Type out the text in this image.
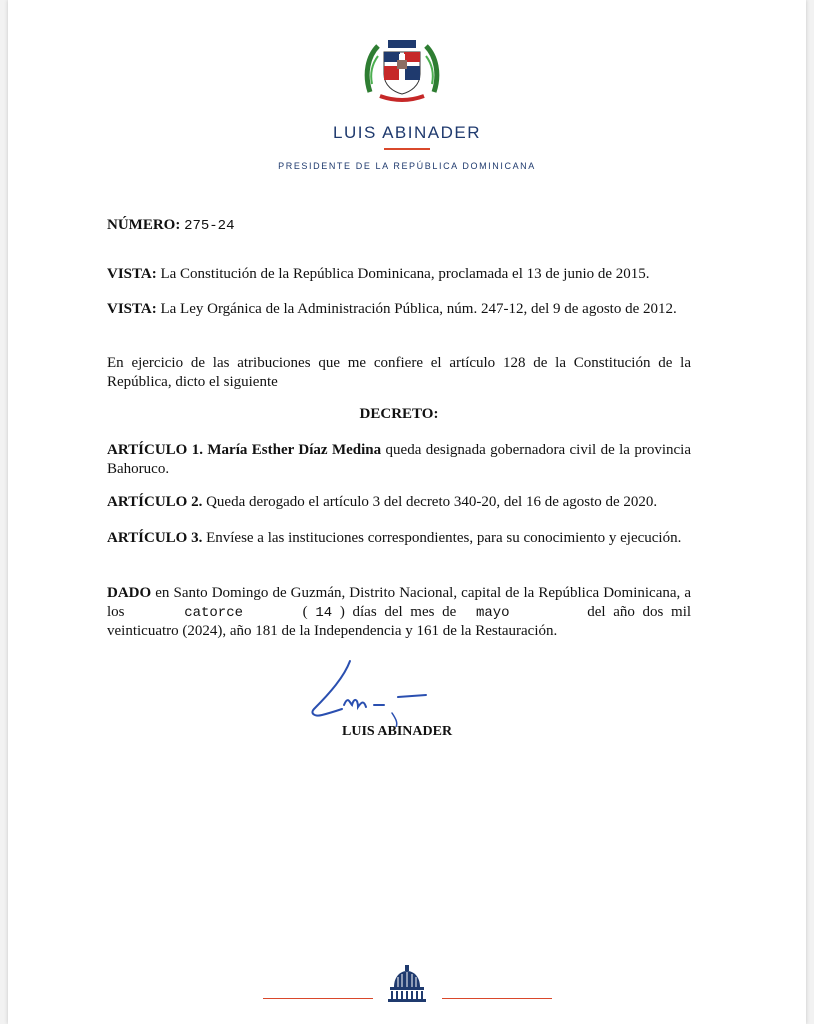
LUIS ABINADER
PRESIDENTE DE LA REPÚBLICA DOMINICANA
NÚMERO: 275-24
VISTA: La Constitución de la República Dominicana, proclamada el 13 de junio de 2015.
VISTA: La Ley Orgánica de la Administración Pública, núm. 247-12, del 9 de agosto de 2012.
En ejercicio de las atribuciones que me confiere el artículo 128 de la Constitución de la República, dicto el siguiente
DECRETO:
ARTÍCULO 1. María Esther Díaz Medina queda designada gobernadora civil de la provincia Bahoruco.
ARTÍCULO 2. Queda derogado el artículo 3 del decreto 340-20, del 16 de agosto de 2020.
ARTÍCULO 3. Envíese a las instituciones correspondientes, para su conocimiento y ejecución.
DADO en Santo Domingo de Guzmán, Distrito Nacional, capital de la República Dominicana, a los	catorce	( 14 ) días del mes de mayo	del año dos mil veinticuatro (2024), año 181 de la Independencia y 161 de la Restauración.
LUIS ABINADER
